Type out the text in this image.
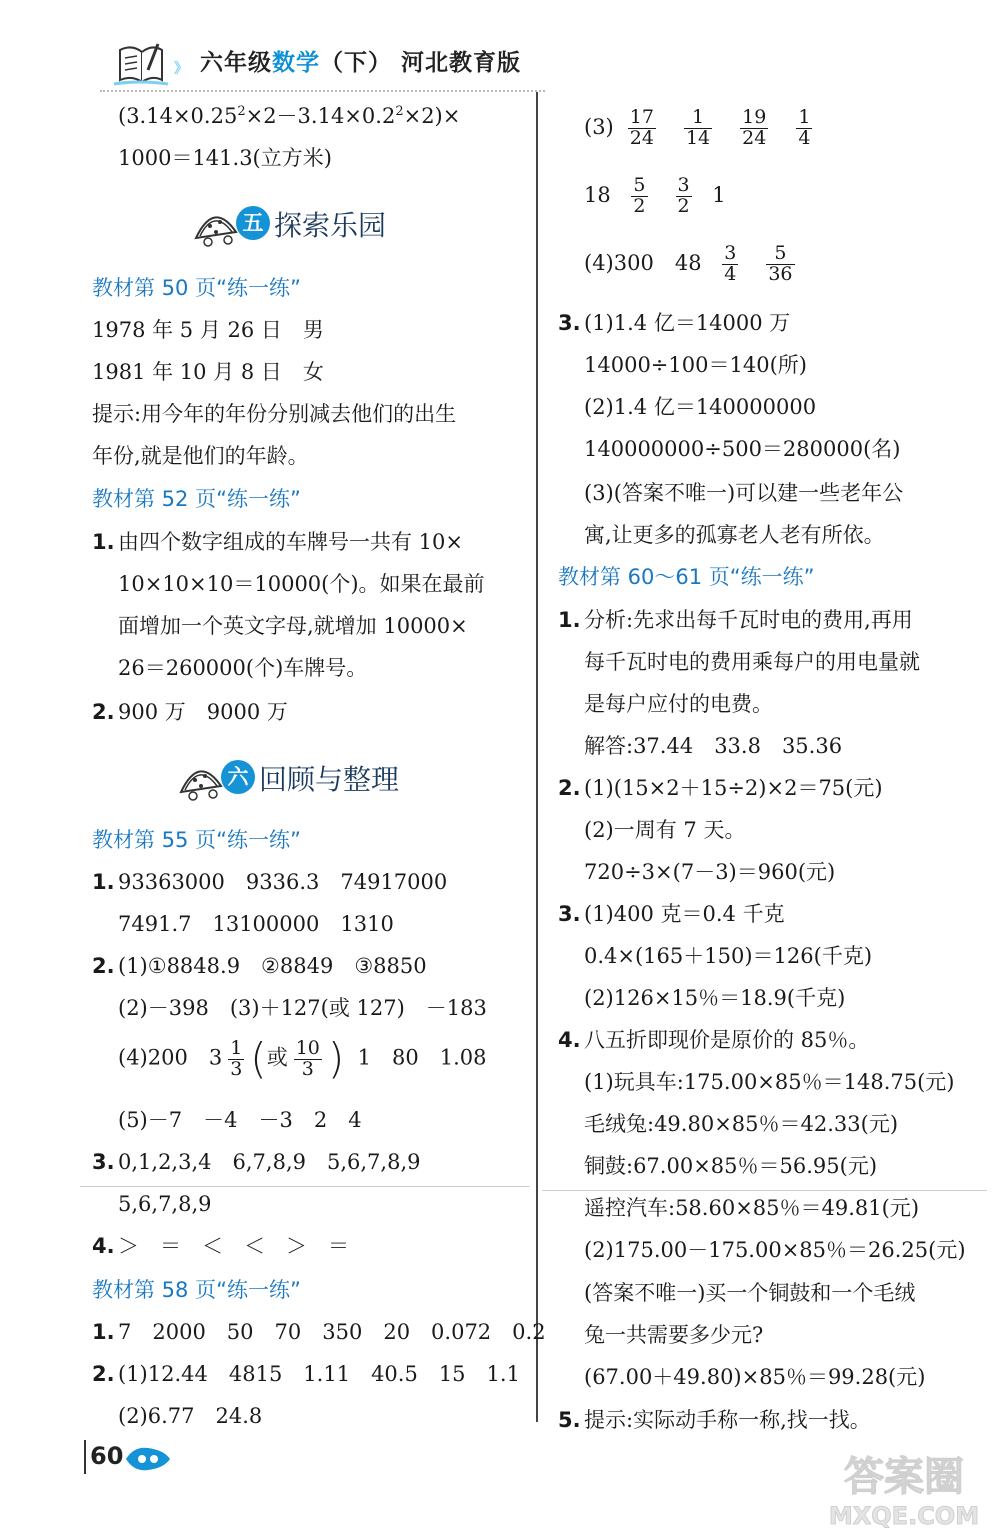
》 六年级数学（下） 河北教育版
$(3.14\times 0.25^2\times 2-3.14\times 0.2^2\times 2)\times$
1000＝141.3(立方米)
五 探索乐园
教材第 50 页“练一练”
1978 年 5 月 26 日　男
1981 年 10 月 8 日　女
提示:用今年的年份分别减去他们的出生
年份,就是他们的年龄。
教材第 52 页“练一练”
1. 由四个数字组成的车牌号一共有 10×
10×10×10＝10000(个)。如果在最前
面增加一个英文字母,就增加 10000×
26＝260000(个)车牌号。
2. 900 万　9000 万
六 回顾与整理
教材第 55 页“练一练”
1. 93363000　9336.3　74917000
7491.7　13100000　1310
2. (1)①8848.9　②8849　③8850
(2)－398　(3)＋127(或 127)　－183
(4)200　$3 \frac{1}{3}$ (或 $\frac{10}{3}$ ) 1　80　1.08
(5)－7　－4　－3　2　4
3. 0,1,2,3,4　6,7,8,9　5,6,7,8,9
5,6,7,8,9
4. ＞　＝　＜　＜　＞　＝
教材第 58 页“练一练”
1. 7　2000　50　70　350　20　0.072　0.2
2. (1)12.44　4815　1.11　40.5　15　1.1
(2)6.77　24.8
$(3) \frac{17}{24} \frac{1}{14} \frac{19}{24} \frac{1}{4}$
$18 \frac{5}{2} \frac{3}{2} 1$
(4)300　$48 \frac{3}{4} \frac{5}{36}$
3. (1)1.4 亿＝14000 万
14000÷100＝140(所)
(2)1.4 亿＝140000000
140000000÷500＝280000(名)
(3)(答案不唯一)可以建一些老年公
寓,让更多的孤寡老人老有所依。
教材第 60～61 页“练一练”
1. 分析:先求出每千瓦时电的费用,再用
每千瓦时电的费用乘每户的用电量就
是每户应付的电费。
解答:37.44　33.8　35.36
2. (1)(15×2＋15÷2)×2＝75(元)
(2)一周有 7 天。
720÷3×(7－3)＝960(元)
3. (1)400 克＝0.4 千克
0.4×(165＋150)＝126(千克)
(2)126×15％＝18.9(千克)
4. 八五折即现价是原价的 85％。
(1)玩具车:175.00×85％＝148.75(元)
毛绒兔:49.80×85％＝42.33(元)
铜鼓:67.00×85％＝56.95(元)
遥控汽车:58.60×85％＝49.81(元)
(2)175.00－175.00×85％＝26.25(元)
(答案不唯一)买一个铜鼓和一个毛绒
兔一共需要多少元?
(67.00＋49.80)×85％＝99.28(元)
5. 提示:实际动手称一称,找一找。
60	答案圈
MXQE.COM
